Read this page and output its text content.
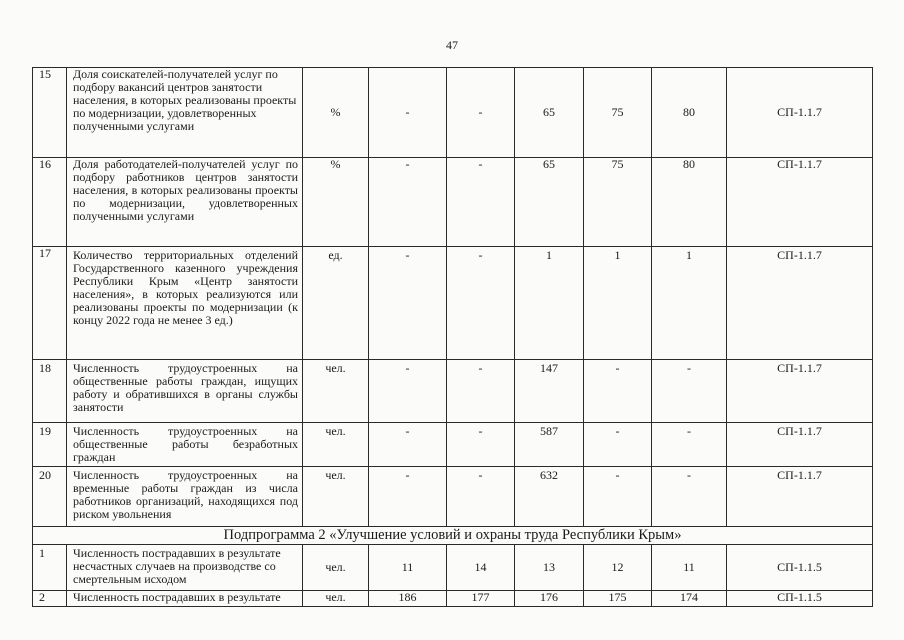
47
15	Доля соискателей-получателей услуг по подбору вакансий центров занятости населения, в которых реализованы проекты по модернизации, удовлетворенных полученными услугами	%	-	-	65	75	80	СП-1.1.7
16	Доля работодателей-получателей услуг по подбору работников центров занятости населения, в которых реализованы проекты по модернизации, удовлетворенных полученными услугами	%	-	-	65	75	80	СП-1.1.7
17	Количество территориальных отделений Государственного казенного учреждения Республики Крым «Центр занятости населения», в которых реализуются или реализованы проекты по модернизации (к концу 2022 года не менее 3 ед.)	ед.	-	-	1	1	1	СП-1.1.7
18	Численность трудоустроенных на общественные работы граждан, ищущих работу и обратившихся в органы службы занятости	чел.	-	-	147	-	-	СП-1.1.7
19	Численность трудоустроенных на общественные работы безработных граждан	чел.	-	-	587	-	-	СП-1.1.7
20	Численность трудоустроенных на временные работы граждан из числа работников организаций, находящихся под риском увольнения	чел.	-	-	632	-	-	СП-1.1.7
Подпрограмма 2 «Улучшение условий и охраны труда Республики Крым»								
1	Численность пострадавших в результате несчастных случаев на производстве со смертельным исходом	чел.	11	14	13	12	11	СП-1.1.5
2	Численность пострадавших в результате	чел.	186	177	176	175	174	СП-1.1.5
